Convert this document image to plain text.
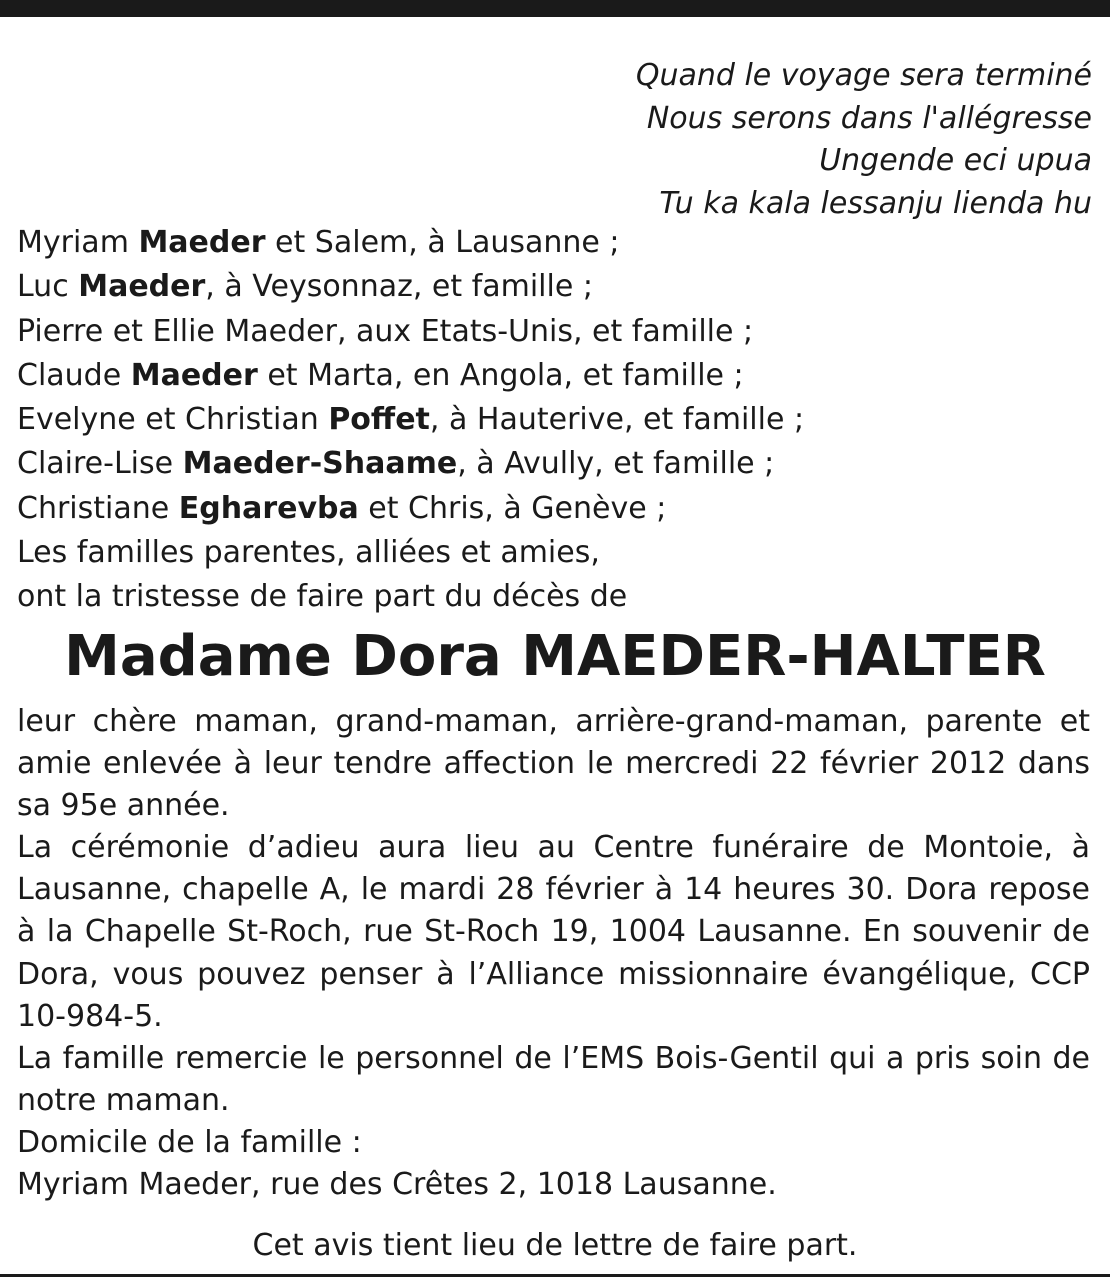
Quand le voyage sera terminé
Nous serons dans l'allégresse
Ungende eci upua
Tu ka kala lessanju lienda hu
Myriam Maeder et Salem, à Lausanne ;
Luc Maeder, à Veysonnaz, et famille ;
Pierre et Ellie Maeder, aux Etats-Unis, et famille ;
Claude Maeder et Marta, en Angola, et famille ;
Evelyne et Christian Poffet, à Hauterive, et famille ;
Claire-Lise Maeder-Shaame, à Avully, et famille ;
Christiane Egharevba et Chris, à Genève ;
Les familles parentes, alliées et amies,
ont la tristesse de faire part du décès de
Madame Dora MAEDER-HALTER

leur chère maman, grand-maman, arrière-grand-maman, parente et amie enlevée à leur tendre affection le mercredi 22 février 2012 dans sa 95e année.

La cérémonie d’adieu aura lieu au Centre funéraire de Montoie, à Lausanne, chapelle A, le mardi 28 février à 14 heures 30. Dora repose à la Chapelle St-Roch, rue St-Roch 19, 1004 Lausanne. En souvenir de Dora, vous pouvez penser à l’Alliance missionnaire évangélique, CCP 10-984-5.

La famille remercie le personnel de l’EMS Bois-Gentil qui a pris soin de notre maman.

Domicile de la famille :

Myriam Maeder, rue des Crêtes 2, 1018 Lausanne.

Cet avis tient lieu de lettre de faire part.
